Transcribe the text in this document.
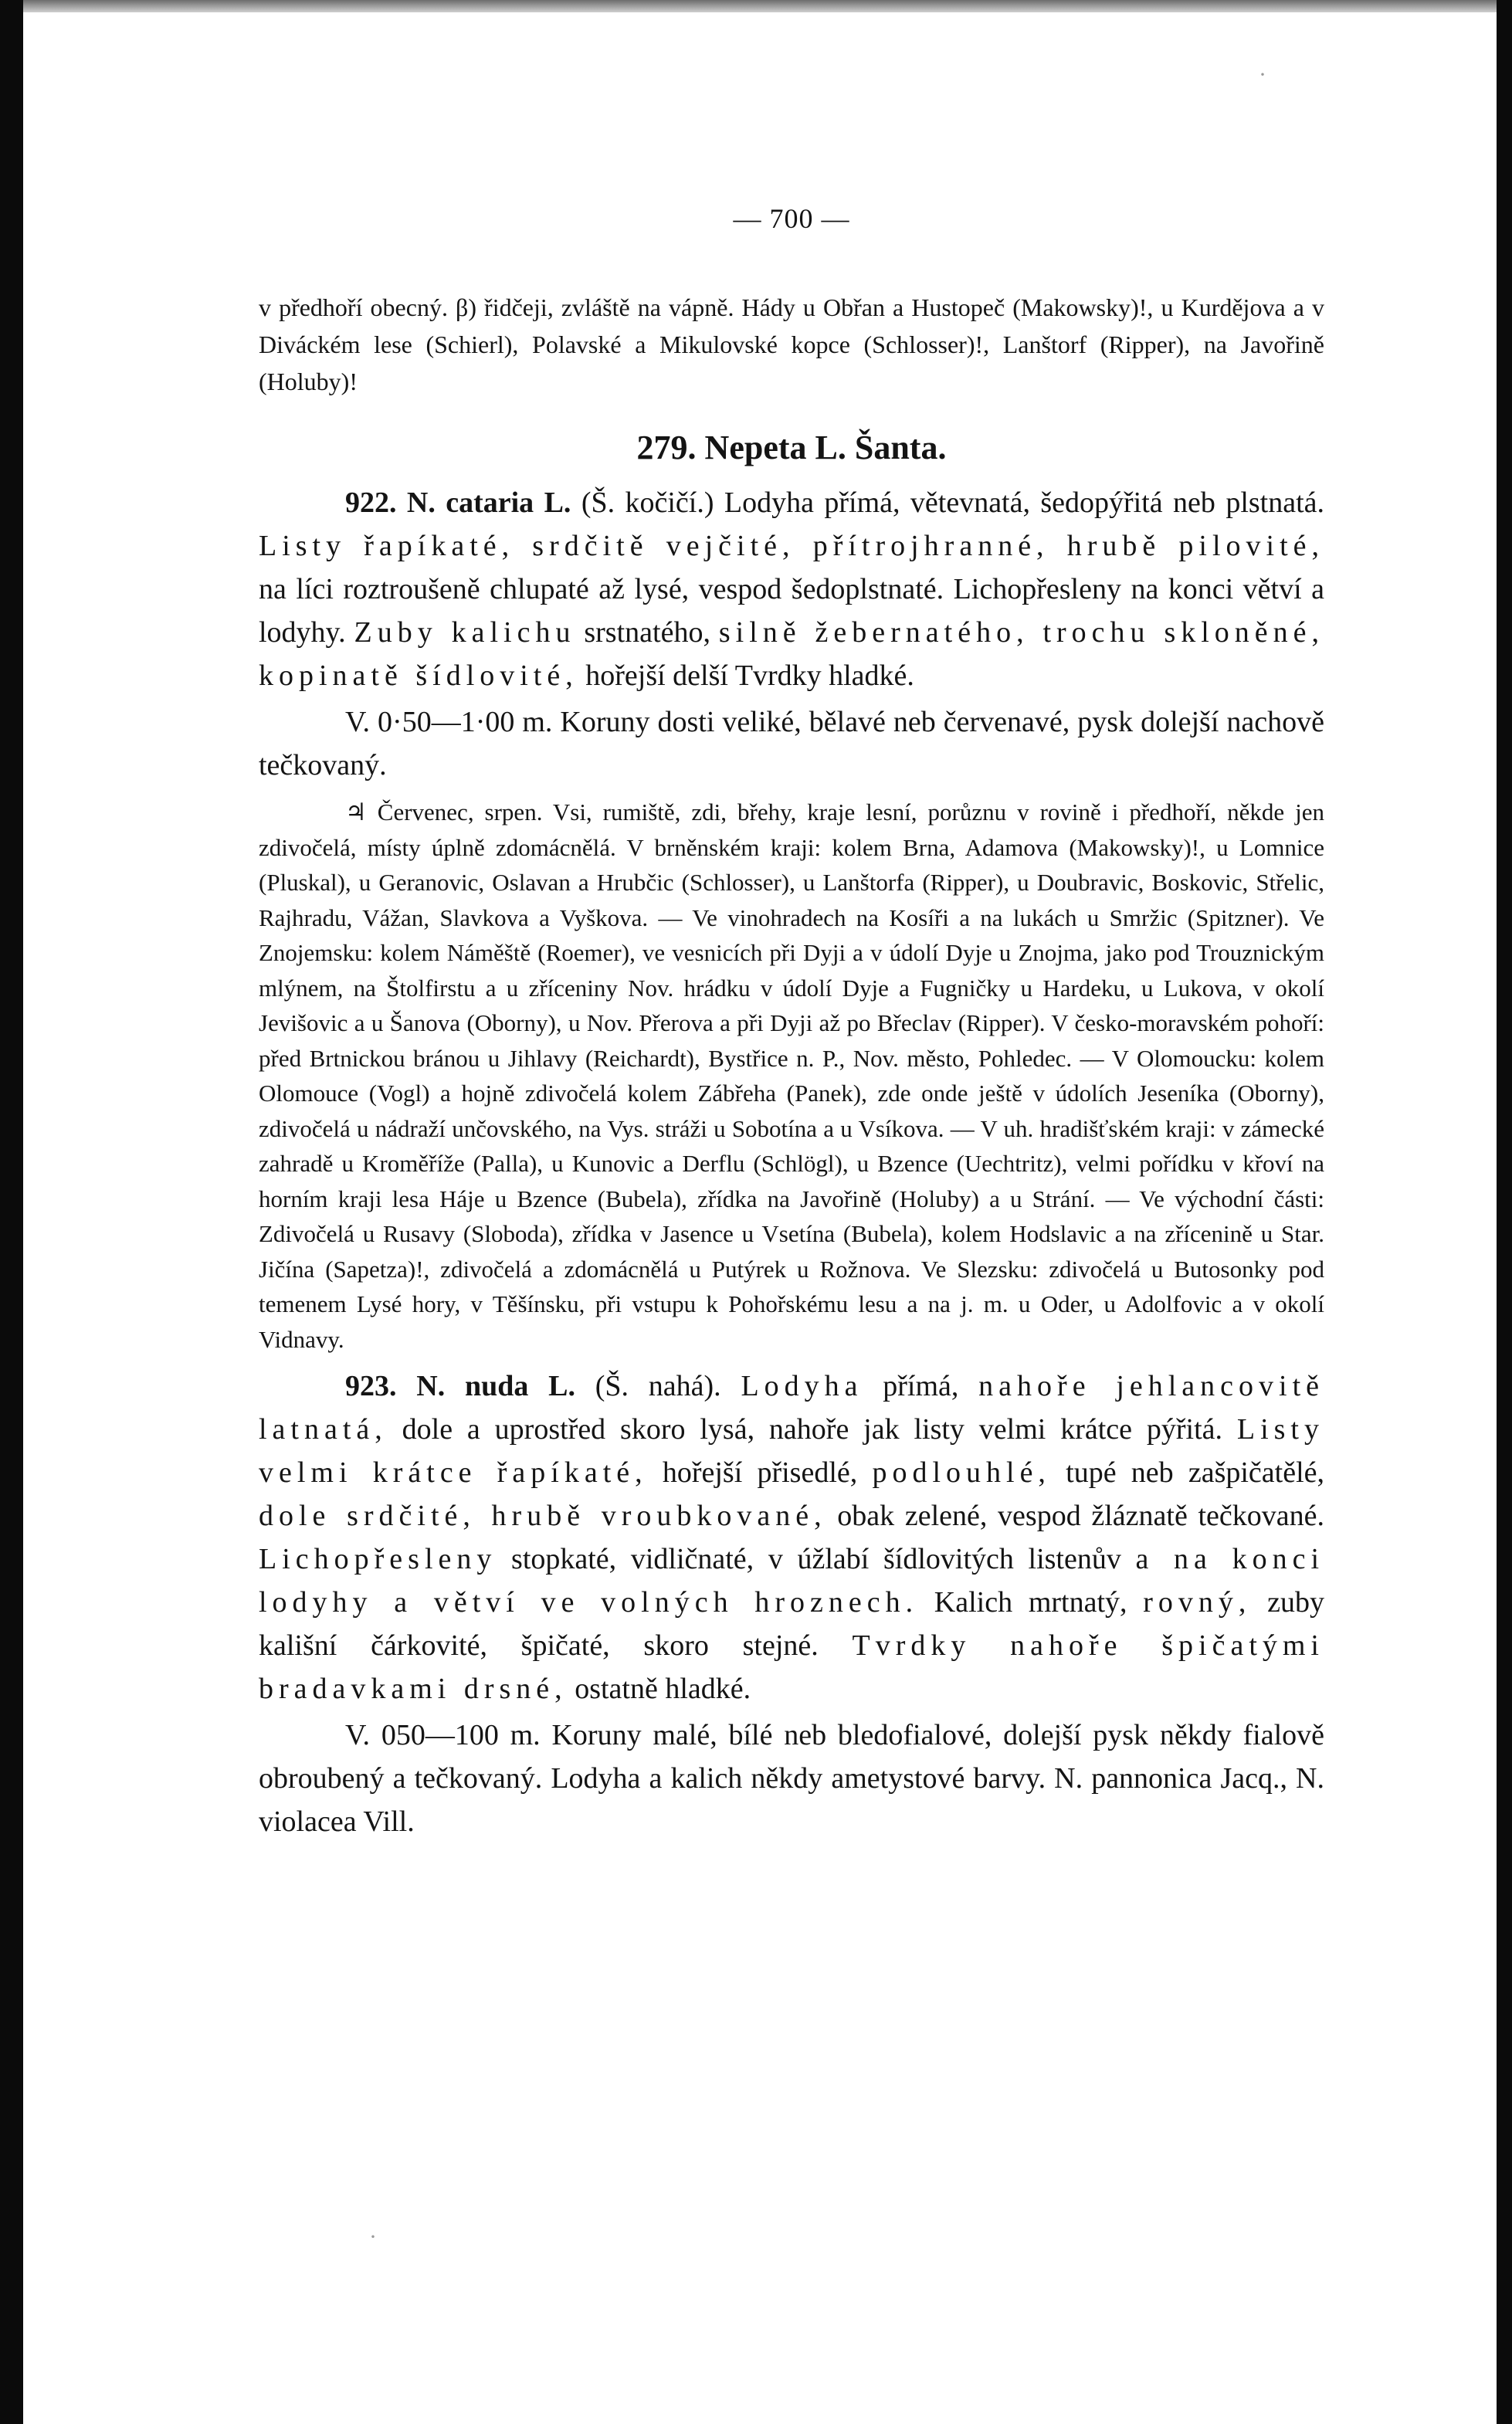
— 700 —

v předhoří obecný. β) řidčeji, zvláště na vápně. Hády u Obřan a Hustopeč (Makowsky)!, u Kurdějova a v Diváckém lese (Schierl), Polavské a Mikulovské kopce (Schlosser)!, Lanštorf (Ripper), na Javořině (Holuby)!

279. Nepeta L. Šanta.

922. N. cataria L. (Š. kočičí.) Lodyha přímá, větevnatá, šedopýřitá neb plstnatá. Listy řapíkaté, srdčitě vejčité, přítrojhranné, hrubě pilovité, na líci roztroušeně chlupaté až lysé, vespod šedoplstnaté. Lichopřesleny na konci větví a lodyhy. Zuby kalichu srstnatého, silně žebernatého, trochu skloněné, kopinatě šídlovité, hořejší delší Tvrdky hladké.

V. 0·50—1·00 m. Koruny dosti veliké, bělavé neb červenavé, pysk dolejší nachově tečkovaný.

♃ Červenec, srpen. Vsi, rumiště, zdi, břehy, kraje lesní, porůznu v rovině i předhoří, někde jen zdivočelá, místy úplně zdomácnělá. V brněnském kraji: kolem Brna, Adamova (Makowsky)!, u Lomnice (Pluskal), u Geranovic, Oslavan a Hrubčic (Schlosser), u Lanštorfa (Ripper), u Doubravic, Boskovic, Střelic, Rajhradu, Vážan, Slavkova a Vyškova. — Ve vinohradech na Kosíři a na lukách u Smržic (Spitzner). Ve Znojemsku: kolem Náměště (Roemer), ve vesnicích při Dyji a v údolí Dyje u Znojma, jako pod Trouznickým mlýnem, na Štolfirstu a u zříceniny Nov. hrádku v údolí Dyje a Fugničky u Hardeku, u Lukova, v okolí Jevišovic a u Šanova (Oborny), u Nov. Přerova a při Dyji až po Břeclav (Ripper). V česko-moravském pohoří: před Brtnickou bránou u Jihlavy (Reichardt), Bystřice n. P., Nov. město, Pohledec. — V Olomoucku: kolem Olomouce (Vogl) a hojně zdivočelá kolem Zábřeha (Panek), zde onde ještě v údolích Jeseníka (Oborny), zdivočelá u nádraží unčovského, na Vys. stráži u Sobotína a u Vsíkova. — V uh. hradišťském kraji: v zámecké zahradě u Kroměříže (Palla), u Kunovic a Derflu (Schlögl), u Bzence (Uechtritz), velmi pořídku v křoví na horním kraji lesa Háje u Bzence (Bubela), zřídka na Javořině (Holuby) a u Strání. — Ve východní části: Zdivočelá u Rusavy (Sloboda), zřídka v Jasence u Vsetína (Bubela), kolem Hodslavic a na zřícenině u Star. Jičína (Sapetza)!, zdivočelá a zdomácnělá u Putýrek u Rožnova. Ve Slezsku: zdivočelá u Butosonky pod temenem Lysé hory, v Těšínsku, při vstupu k Pohořskému lesu a na j. m. u Oder, u Adolfovic a v okolí Vidnavy.

923. N. nuda L. (Š. nahá). Lodyha přímá, nahoře jehlancovitě latnatá, dole a uprostřed skoro lysá, nahoře jak listy velmi krátce pýřitá. Listy velmi krátce řapíkaté, hořejší přisedlé, podlouhlé, tupé neb zašpičatělé, dole srdčité, hrubě vroubkované, obak zelené, vespod žláznatě tečkované. Lichopřesleny stopkaté, vidličnaté, v úžlabí šídlovitých listenův a na konci lodyhy a větví ve volných hroznech. Kalich mrtnatý, rovný, zuby kališní čárkovité, špičaté, skoro stejné. Tvrdky nahoře špičatými bradavkami drsné, ostatně hladké.

V. 050—100 m. Koruny malé, bílé neb bledofialové, dolejší pysk někdy fialově obroubený a tečkovaný. Lodyha a kalich někdy ametystové barvy. N. pannonica Jacq., N. violacea Vill.

·
·
